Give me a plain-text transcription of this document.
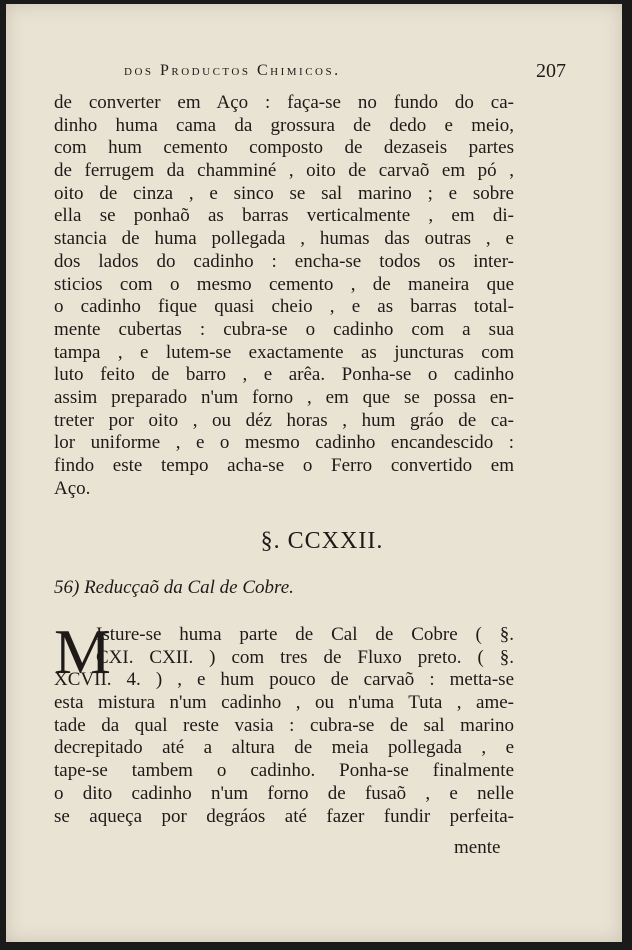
dos Productos Chimicos.	207
de converter em Aço : faça-se no fundo do ca-
dinho huma cama da grossura de dedo e meio,
com hum cemento composto de dezaseis partes
de ferrugem da chamminé , oito de carvaõ em pó ,
oito de cinza , e sinco se sal marino ; e sobre
ella se ponhaõ as barras verticalmente , em di-
stancia de huma pollegada , humas das outras , e
dos lados do cadinho : encha-se todos os inter-
sticios com o mesmo cemento , de maneira que
o cadinho fique quasi cheio , e as barras total-
mente cubertas : cubra-se o cadinho com a sua
tampa , e lutem-se exactamente as juncturas com
luto feito de barro , e arêa. Ponha-se o cadinho
assim preparado n'um forno , em que se possa en-
treter por oito , ou déz horas , hum gráo de ca-
lor uniforme , e o mesmo cadinho encandescido :
findo este tempo acha-se o Ferro convertido em
Aço.
§. CCXXII.
56) Reducçaõ da Cal de Cobre.
M
Isture-se huma parte de Cal de Cobre ( §.
CXI. CXII. ) com tres de Fluxo preto. ( §.
XCVII. 4. ) , e hum pouco de carvaõ : metta-se
esta mistura n'um cadinho , ou n'uma Tuta , ame-
tade da qual reste vasia : cubra-se de sal marino
decrepitado até a altura de meia pollegada , e
tape-se tambem o cadinho. Ponha-se finalmente
o dito cadinho n'um forno de fusaõ , e nelle
se aqueça por degráos até fazer fundir perfeita-
mente
